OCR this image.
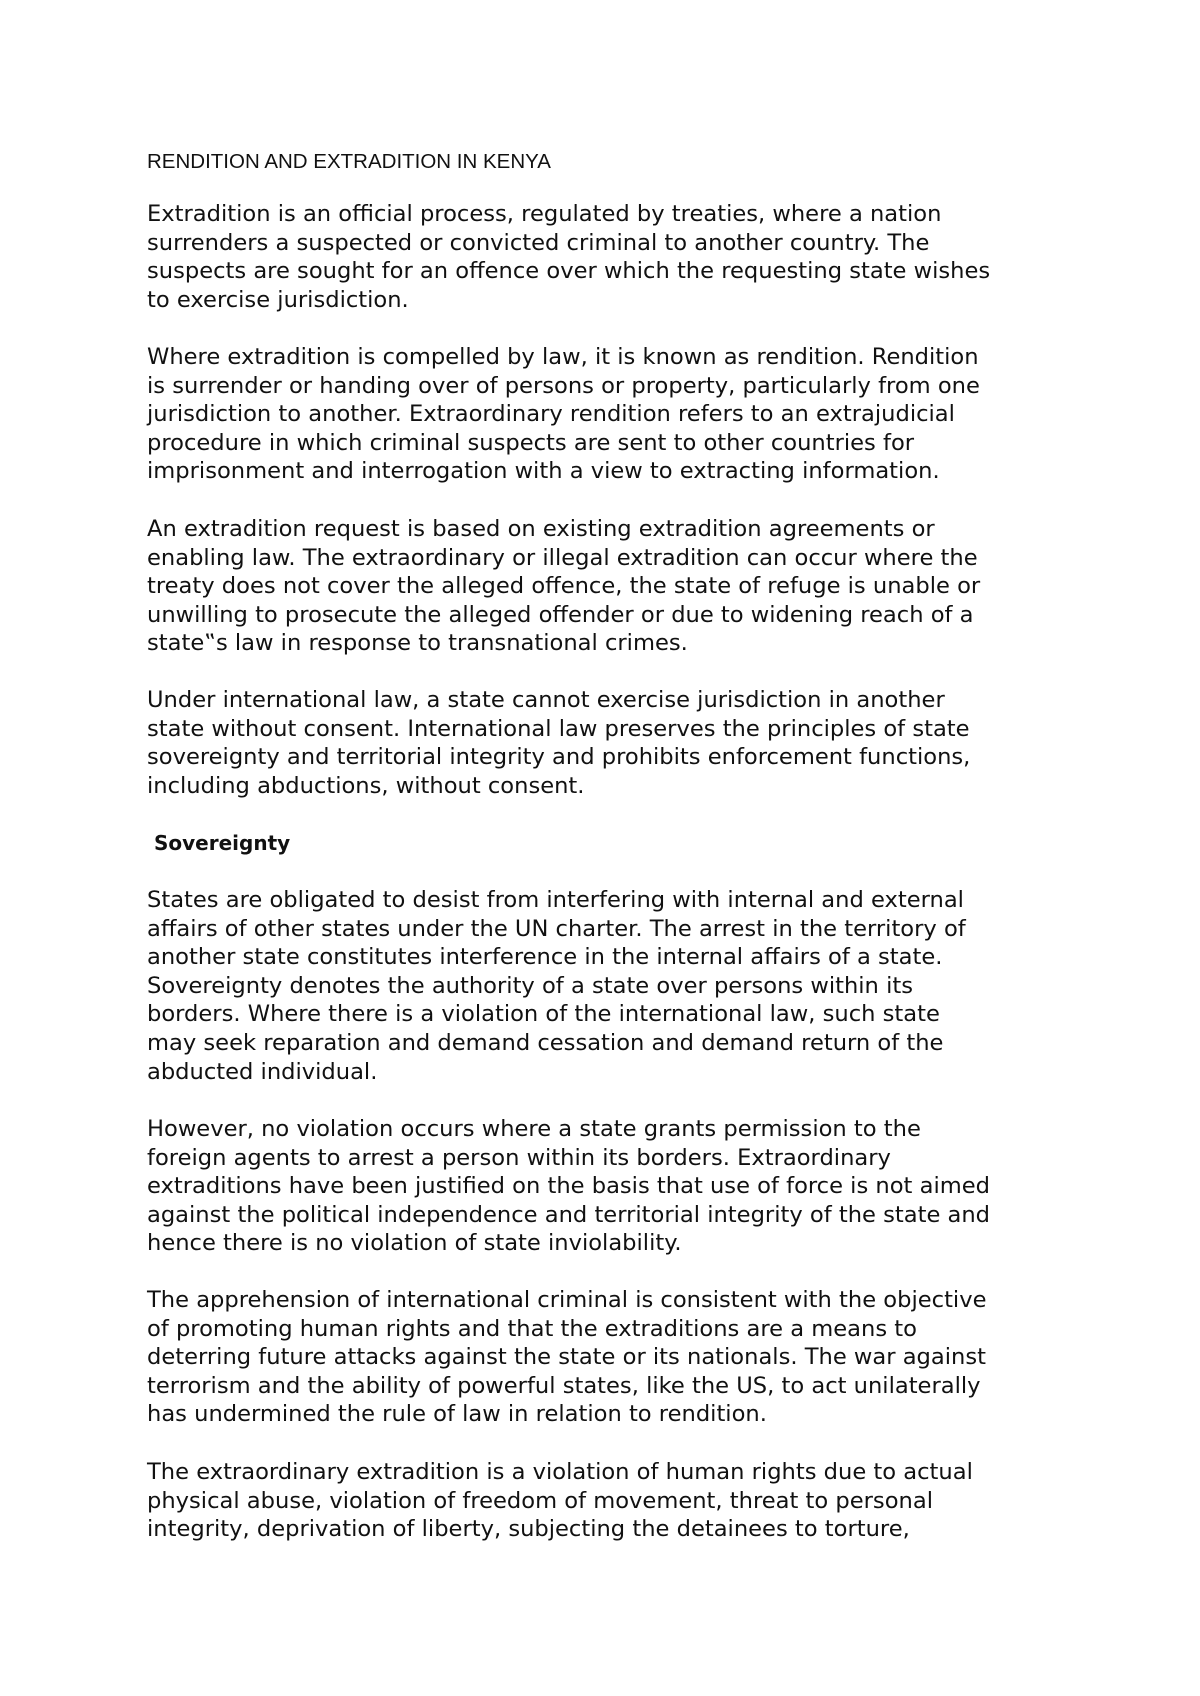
RENDITION AND EXTRADITION IN KENYA

Extradition is an official process, regulated by treaties, where a nation
surrenders a suspected or convicted criminal to another country. The
suspects are sought for an offence over which the requesting state wishes
to exercise jurisdiction.

Where extradition is compelled by law, it is known as rendition. Rendition
is surrender or handing over of persons or property, particularly from one
jurisdiction to another. Extraordinary rendition refers to an extrajudicial
procedure in which criminal suspects are sent to other countries for
imprisonment and interrogation with a view to extracting information.

An extradition request is based on existing extradition agreements or
enabling law. The extraordinary or illegal extradition can occur where the
treaty does not cover the alleged offence, the state of refuge is unable or
unwilling to prosecute the alleged offender or due to widening reach of a
state‟s law in response to transnational crimes.

Under international law, a state cannot exercise jurisdiction in another
state without consent. International law preserves the principles of state
sovereignty and territorial integrity and prohibits enforcement functions,
including abductions, without consent.

Sovereignty

States are obligated to desist from interfering with internal and external
affairs of other states under the UN charter. The arrest in the territory of
another state constitutes interference in the internal affairs of a state.
Sovereignty denotes the authority of a state over persons within its
borders. Where there is a violation of the international law, such state
may seek reparation and demand cessation and demand return of the
abducted individual.

However, no violation occurs where a state grants permission to the
foreign agents to arrest a person within its borders. Extraordinary
extraditions have been justified on the basis that use of force is not aimed
against the political independence and territorial integrity of the state and
hence there is no violation of state inviolability.

The apprehension of international criminal is consistent with the objective
of promoting human rights and that the extraditions are a means to
deterring future attacks against the state or its nationals. The war against
terrorism and the ability of powerful states, like the US, to act unilaterally
has undermined the rule of law in relation to rendition.

The extraordinary extradition is a violation of human rights due to actual
physical abuse, violation of freedom of movement, threat to personal
integrity, deprivation of liberty, subjecting the detainees to torture,
